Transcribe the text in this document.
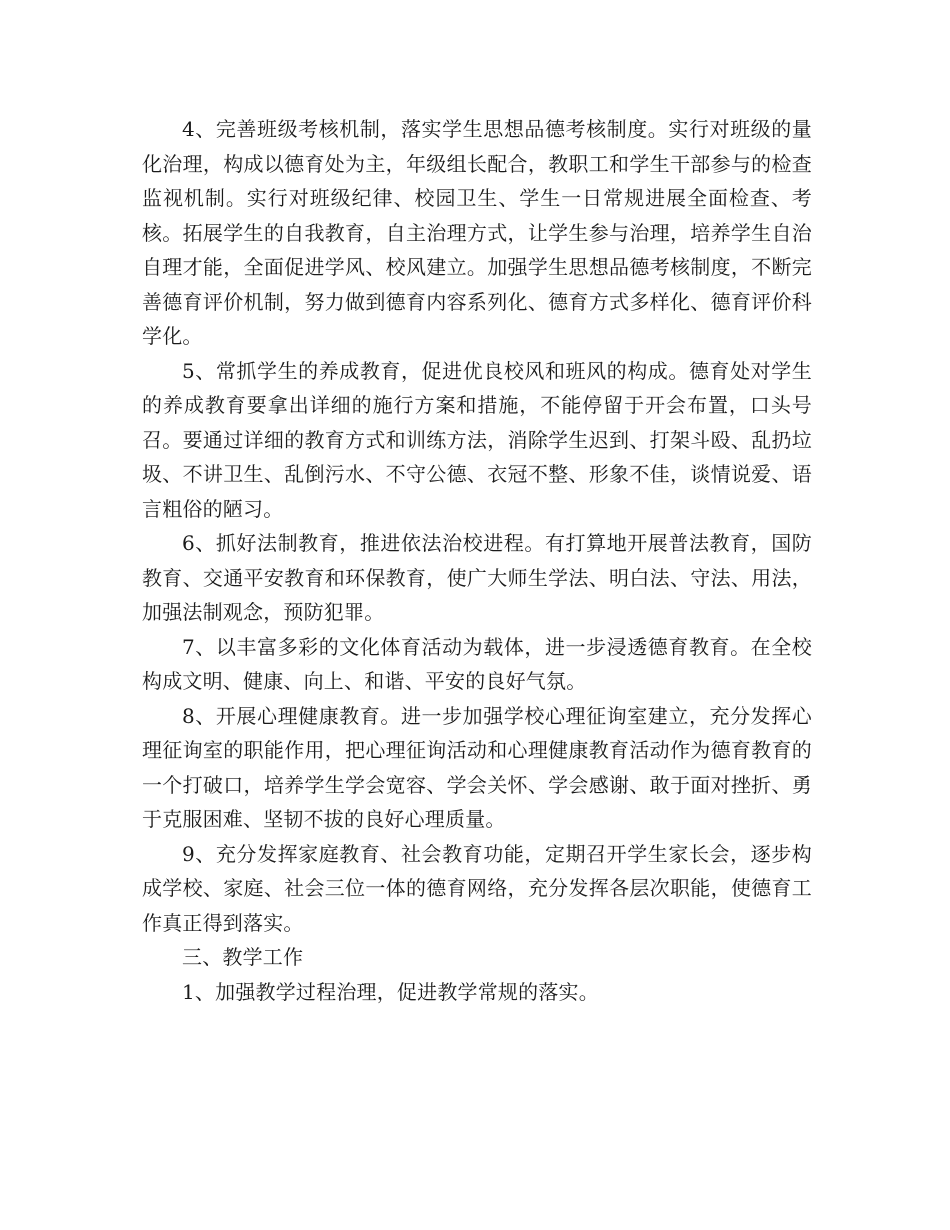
4、完善班级考核机制，落实学生思想品德考核制度。实行对班级的量化治理，构成以德育处为主，年级组长配合，教职工和学生干部参与的检查监视机制。实行对班级纪律、校园卫生、学生一日常规进展全面检查、考核。拓展学生的自我教育，自主治理方式，让学生参与治理，培养学生自治自理才能，全面促进学风、校风建立。加强学生思想品德考核制度，不断完善德育评价机制，努力做到德育内容系列化、德育方式多样化、德育评价科学化。

5、常抓学生的养成教育，促进优良校风和班风的构成。德育处对学生的养成教育要拿出详细的施行方案和措施，不能停留于开会布置，口头号召。要通过详细的教育方式和训练方法，消除学生迟到、打架斗殴、乱扔垃圾、不讲卫生、乱倒污水、不守公德、衣冠不整、形象不佳，谈情说爱、语言粗俗的陋习。

6、抓好法制教育，推进依法治校进程。有打算地开展普法教育，国防教育、交通平安教育和环保教育，使广大师生学法、明白法、守法、用法，加强法制观念，预防犯罪。

7、以丰富多彩的文化体育活动为载体，进一步浸透德育教育。在全校构成文明、健康、向上、和谐、平安的良好气氛。

8、开展心理健康教育。进一步加强学校心理征询室建立，充分发挥心理征询室的职能作用，把心理征询活动和心理健康教育活动作为德育教育的一个打破口，培养学生学会宽容、学会关怀、学会感谢、敢于面对挫折、勇于克服困难、坚韧不拔的良好心理质量。

9、充分发挥家庭教育、社会教育功能，定期召开学生家长会，逐步构成学校、家庭、社会三位一体的德育网络，充分发挥各层次职能，使德育工作真正得到落实。

三、教学工作

1、加强教学过程治理，促进教学常规的落实。
